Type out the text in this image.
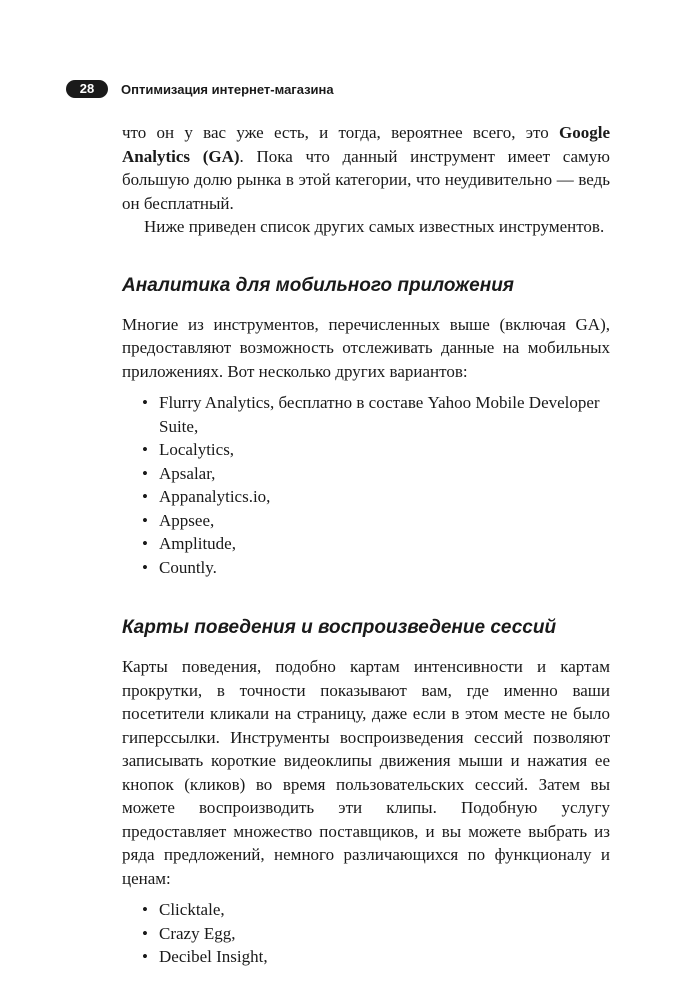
28	Оптимизация интернет-магазина

что он у вас уже есть, и тогда, вероятнее всего, это Google Analytics (GA). Пока что данный инструмент имеет самую большую долю рынка в этой категории, что неудивительно — ведь он бесплатный.

Ниже приведен список других самых известных инструментов.

Аналитика для мобильного приложения

Многие из инструментов, перечисленных выше (включая GA), предоставляют возможность отслеживать данные на мобильных приложениях. Вот несколько других вариантов:

• Flurry Analytics, бесплатно в составе Yahoo Mobile Developer Suite,
• Localytics,
• Apsalar,
• Appanalytics.io,
• Appsee,
• Amplitude,
• Countly.
Карты поведения и воспроизведение сессий

Карты поведения, подобно картам интенсивности и картам прокрутки, в точности показывают вам, где именно ваши посетители кликали на страницу, даже если в этом месте не было гиперссылки. Инструменты воспроизведения сессий позволяют записывать короткие видеоклипы движения мыши и нажатия ее кнопок (кликов) во время пользовательских сессий. Затем вы можете воспроизводить эти клипы. Подобную услугу предоставляет множество поставщиков, и вы можете выбрать из ряда предложений, немного различающихся по функционалу и ценам:

• Clicktale,
• Crazy Egg,
• Decibel Insight,
